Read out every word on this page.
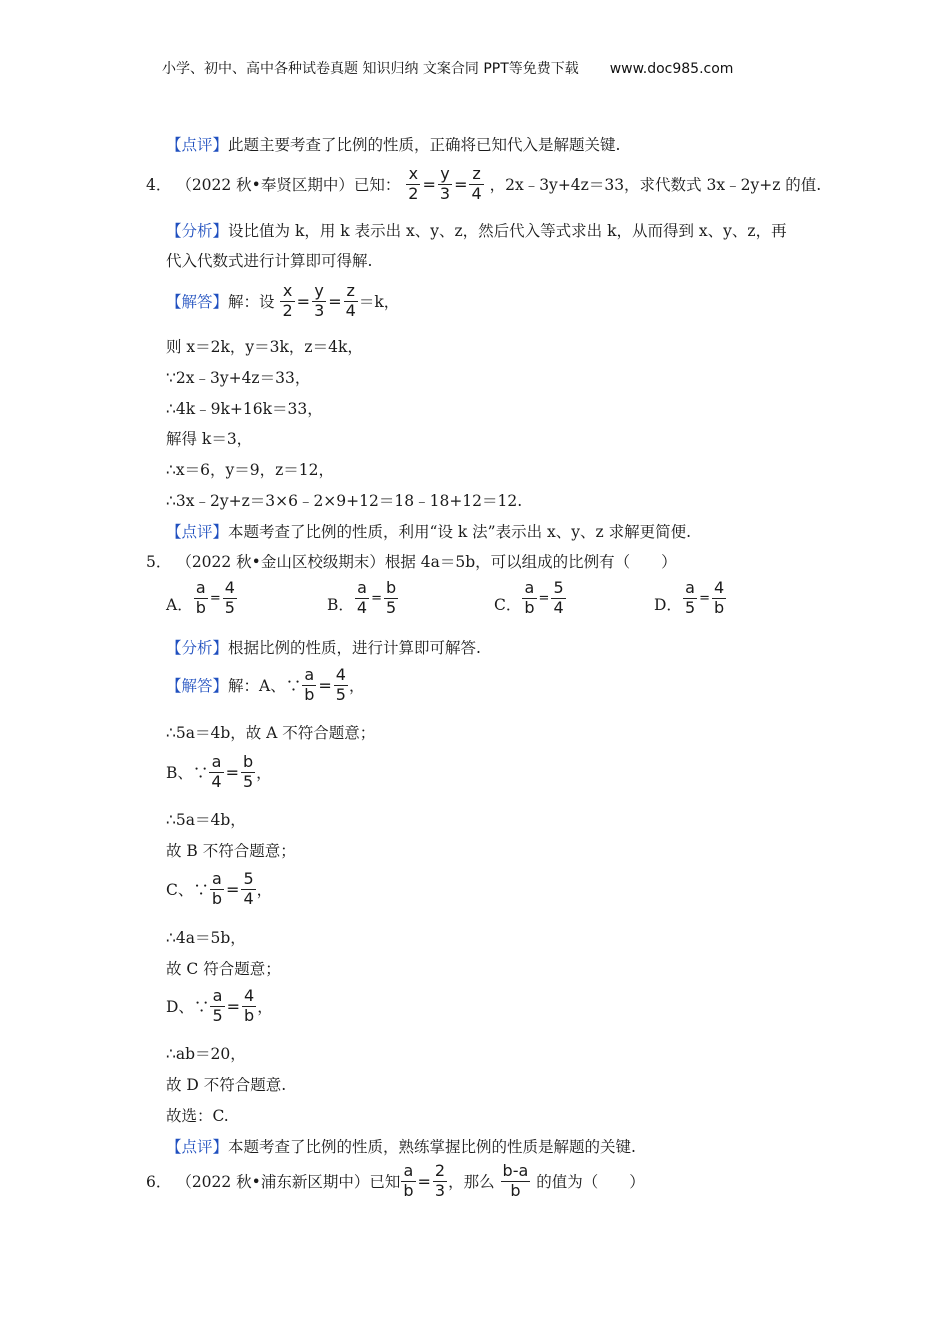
小学、初中、高中各种试卷真题 知识归纳 文案合同 PPT等免费下载 www.doc985.com
【点评】此题主要考查了比例的性质，正确将已知代入是解题关键.
4． （2022 秋•奉贤区期中）已知： $\frac{x}{2} = \frac{y}{3} = \frac{z}{4}$ ，2x﹣3y+4z＝33，求代数式 3x﹣2y+z 的值.
【分析】设比值为 k，用 k 表示出 x、y、z，然后代入等式求出 k，从而得到 x、y、z，再
代入代数式进行计算即可得解.
【解答】解：设 $\frac{x}{2} = \frac{y}{3} = \frac{z}{4} =k$，
则 x＝2k，y＝3k，z＝4k，
∵2x﹣3y+4z＝33，
∴4k﹣9k+16k＝33，
解得 k＝3，
∴x＝6，y＝9，z＝12，
∴3x﹣2y+z＝3×6﹣2×9+12＝18﹣18+12＝12.
【点评】本题考查了比例的性质，利用“设 k 法”表示出 x、y、z 求解更简便.
5． （2022 秋•金山区校级期末）根据 4a＝5b，可以组成的比例有（　　）
A． $\frac{a}{b} = \frac{4}{5}$	B． $\frac{a}{4} = \frac{b}{5}$	C． $\frac{a}{b} = \frac{5}{4}$	D． $\frac{a}{5} = \frac{4}{b}$
【分析】根据比例的性质，进行计算即可解答.
【解答】解：A、∵ $\frac{a}{b} = \frac{4}{5}$ ，
∴5a＝4b，故 A 不符合题意；
B、∵ $\frac{a}{4} = \frac{b}{5}$ ，
∴5a＝4b，
故 B 不符合题意；
C、∵ $\frac{a}{b} = \frac{5}{4}$ ，
∴4a＝5b，
故 C 符合题意；
D、∵ $\frac{a}{5} = \frac{4}{b}$ ，
∴ab＝20，
故 D 不符合题意.
故选：C.
【点评】本题考查了比例的性质，熟练掌握比例的性质是解题的关键.
6． （2022 秋•浦东新区期中）已知 $\frac{a}{b} = \frac{2}{3}$ ，那么 $\frac{b-a}{b}$ 的值为（　　）
